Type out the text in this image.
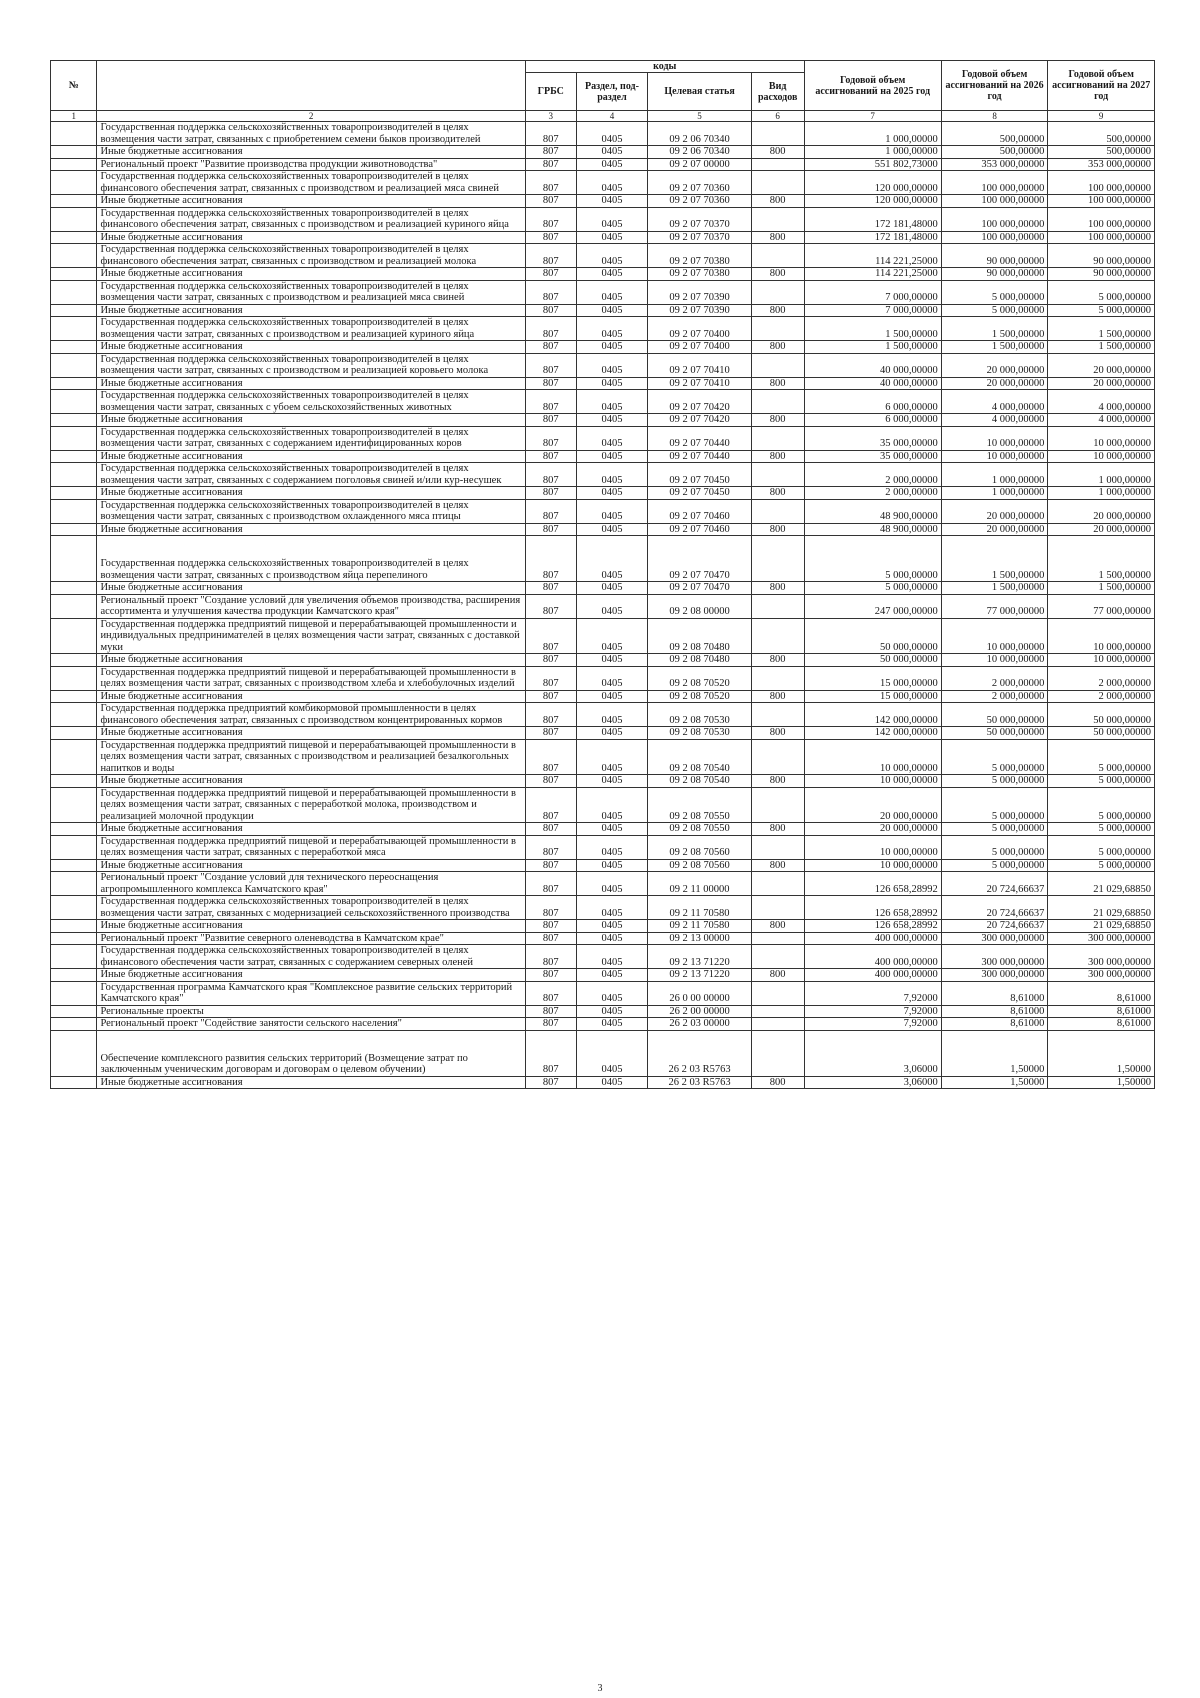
№		коды				Годовой объем ассигнований на 2025 год	Годовой объем ассигнований на 2026 год	Годовой объем ассигнований на 2027 год
		ГРБС	Раздел, под-раздел	Целевая статья	Вид расходов			
1	2	3	4	5	6	7	8	9
	Государственная поддержка сельскохозяйственных товаропроизводителей в целях возмещения части затрат, связанных с приобретением семени быков производителей	807	0405	09 2 06 70340		1 000,00000	500,00000	500,00000
	Иные бюджетные ассигнования	807	0405	09 2 06 70340	800	1 000,00000	500,00000	500,00000
	Региональный проект "Развитие производства продукции животноводства"	807	0405	09 2 07 00000		551 802,73000	353 000,00000	353 000,00000
	Государственная поддержка сельскохозяйственных товаропроизводителей в целях финансового обеспечения затрат, связанных с производством и реализацией мяса свиней	807	0405	09 2 07 70360		120 000,00000	100 000,00000	100 000,00000
	Иные бюджетные ассигнования	807	0405	09 2 07 70360	800	120 000,00000	100 000,00000	100 000,00000
	Государственная поддержка сельскохозяйственных товаропроизводителей в целях финансового обеспечения затрат, связанных с производством и реализацией куриного яйца	807	0405	09 2 07 70370		172 181,48000	100 000,00000	100 000,00000
	Иные бюджетные ассигнования	807	0405	09 2 07 70370	800	172 181,48000	100 000,00000	100 000,00000
	Государственная поддержка сельскохозяйственных товаропроизводителей в целях финансового обеспечения затрат, связанных с производством и реализацией молока	807	0405	09 2 07 70380		114 221,25000	90 000,00000	90 000,00000
	Иные бюджетные ассигнования	807	0405	09 2 07 70380	800	114 221,25000	90 000,00000	90 000,00000
	Государственная поддержка сельскохозяйственных товаропроизводителей в целях возмещения части затрат, связанных с производством и реализацией мяса свиней	807	0405	09 2 07 70390		7 000,00000	5 000,00000	5 000,00000
	Иные бюджетные ассигнования	807	0405	09 2 07 70390	800	7 000,00000	5 000,00000	5 000,00000
	Государственная поддержка сельскохозяйственных товаропроизводителей в целях возмещения части затрат, связанных с производством и реализацией куриного яйца	807	0405	09 2 07 70400		1 500,00000	1 500,00000	1 500,00000
	Иные бюджетные ассигнования	807	0405	09 2 07 70400	800	1 500,00000	1 500,00000	1 500,00000
	Государственная поддержка сельскохозяйственных товаропроизводителей в целях возмещения части затрат, связанных с производством и реализацией коровьего молока	807	0405	09 2 07 70410		40 000,00000	20 000,00000	20 000,00000
	Иные бюджетные ассигнования	807	0405	09 2 07 70410	800	40 000,00000	20 000,00000	20 000,00000
	Государственная поддержка сельскохозяйственных товаропроизводителей в целях возмещения части затрат, связанных с убоем сельскохозяйственных животных	807	0405	09 2 07 70420		6 000,00000	4 000,00000	4 000,00000
	Иные бюджетные ассигнования	807	0405	09 2 07 70420	800	6 000,00000	4 000,00000	4 000,00000
	Государственная поддержка сельскохозяйственных товаропроизводителей в целях возмещения части затрат, связанных с содержанием идентифицированных коров	807	0405	09 2 07 70440		35 000,00000	10 000,00000	10 000,00000
	Иные бюджетные ассигнования	807	0405	09 2 07 70440	800	35 000,00000	10 000,00000	10 000,00000
	Государственная поддержка сельскохозяйственных товаропроизводителей в целях возмещения части затрат, связанных с содержанием поголовья свиней и/или кур-несушек	807	0405	09 2 07 70450		2 000,00000	1 000,00000	1 000,00000
	Иные бюджетные ассигнования	807	0405	09 2 07 70450	800	2 000,00000	1 000,00000	1 000,00000
	Государственная поддержка сельскохозяйственных товаропроизводителей в целях возмещения части затрат, связанных с производством охлажденного мяса птицы	807	0405	09 2 07 70460		48 900,00000	20 000,00000	20 000,00000
	Иные бюджетные ассигнования	807	0405	09 2 07 70460	800	48 900,00000	20 000,00000	20 000,00000
	Государственная поддержка сельскохозяйственных товаропроизводителей в целях возмещения части затрат, связанных с производством яйца перепелиного	807	0405	09 2 07 70470		5 000,00000	1 500,00000	1 500,00000
	Иные бюджетные ассигнования	807	0405	09 2 07 70470	800	5 000,00000	1 500,00000	1 500,00000
	Региональный проект "Создание условий для увеличения объемов производства, расширения ассортимента и улучшения качества продукции Камчатского края"	807	0405	09 2 08 00000		247 000,00000	77 000,00000	77 000,00000
	Государственная поддержка предприятий пищевой и перерабатывающей промышленности и индивидуальных предпринимателей в целях возмещения части затрат, связанных с доставкой муки	807	0405	09 2 08 70480		50 000,00000	10 000,00000	10 000,00000
	Иные бюджетные ассигнования	807	0405	09 2 08 70480	800	50 000,00000	10 000,00000	10 000,00000
	Государственная поддержка предприятий пищевой и перерабатывающей промышленности в целях возмещения части затрат, связанных с производством хлеба и хлебобулочных изделий	807	0405	09 2 08 70520		15 000,00000	2 000,00000	2 000,00000
	Иные бюджетные ассигнования	807	0405	09 2 08 70520	800	15 000,00000	2 000,00000	2 000,00000
	Государственная поддержка предприятий комбикормовой промышленности в целях финансового обеспечения затрат, связанных с производством концентрированных кормов	807	0405	09 2 08 70530		142 000,00000	50 000,00000	50 000,00000
	Иные бюджетные ассигнования	807	0405	09 2 08 70530	800	142 000,00000	50 000,00000	50 000,00000
	Государственная поддержка предприятий пищевой и перерабатывающей промышленности в целях возмещения части затрат, связанных с производством и реализацией безалкогольных напитков и воды	807	0405	09 2 08 70540		10 000,00000	5 000,00000	5 000,00000
	Иные бюджетные ассигнования	807	0405	09 2 08 70540	800	10 000,00000	5 000,00000	5 000,00000
	Государственная поддержка предприятий пищевой и перерабатывающей промышленности в целях возмещения части затрат, связанных с переработкой молока, производством и реализацией молочной продукции	807	0405	09 2 08 70550		20 000,00000	5 000,00000	5 000,00000
	Иные бюджетные ассигнования	807	0405	09 2 08 70550	800	20 000,00000	5 000,00000	5 000,00000
	Государственная поддержка предприятий пищевой и перерабатывающей промышленности в целях возмещения части затрат, связанных с переработкой мяса	807	0405	09 2 08 70560		10 000,00000	5 000,00000	5 000,00000
	Иные бюджетные ассигнования	807	0405	09 2 08 70560	800	10 000,00000	5 000,00000	5 000,00000
	Региональный проект "Создание условий для технического переоснащения агропромышленного комплекса Камчатского края"	807	0405	09 2 11 00000		126 658,28992	20 724,66637	21 029,68850
	Государственная поддержка сельскохозяйственных товаропроизводителей в целях возмещения части затрат, связанных с модернизацией сельскохозяйственного производства	807	0405	09 2 11 70580		126 658,28992	20 724,66637	21 029,68850
	Иные бюджетные ассигнования	807	0405	09 2 11 70580	800	126 658,28992	20 724,66637	21 029,68850
	Региональный проект "Развитие северного оленеводства в Камчатском крае"	807	0405	09 2 13 00000		400 000,00000	300 000,00000	300 000,00000
	Государственная поддержка сельскохозяйственных товаропроизводителей в целях финансового обеспечения части затрат, связанных с содержанием северных оленей	807	0405	09 2 13 71220		400 000,00000	300 000,00000	300 000,00000
	Иные бюджетные ассигнования	807	0405	09 2 13 71220	800	400 000,00000	300 000,00000	300 000,00000
	Государственная программа Камчатского края "Комплексное развитие сельских территорий Камчатского края"	807	0405	26 0 00 00000		7,92000	8,61000	8,61000
	Региональные проекты	807	0405	26 2 00 00000		7,92000	8,61000	8,61000
	Региональный проект "Содействие занятости сельского населения"	807	0405	26 2 03 00000		7,92000	8,61000	8,61000
	Обеспечение комплексного развития сельских территорий (Возмещение затрат по заключенным ученическим договорам и договорам о целевом обучении)	807	0405	26 2 03 R5763		3,06000	1,50000	1,50000
	Иные бюджетные ассигнования	807	0405	26 2 03 R5763	800	3,06000	1,50000	1,50000
3
